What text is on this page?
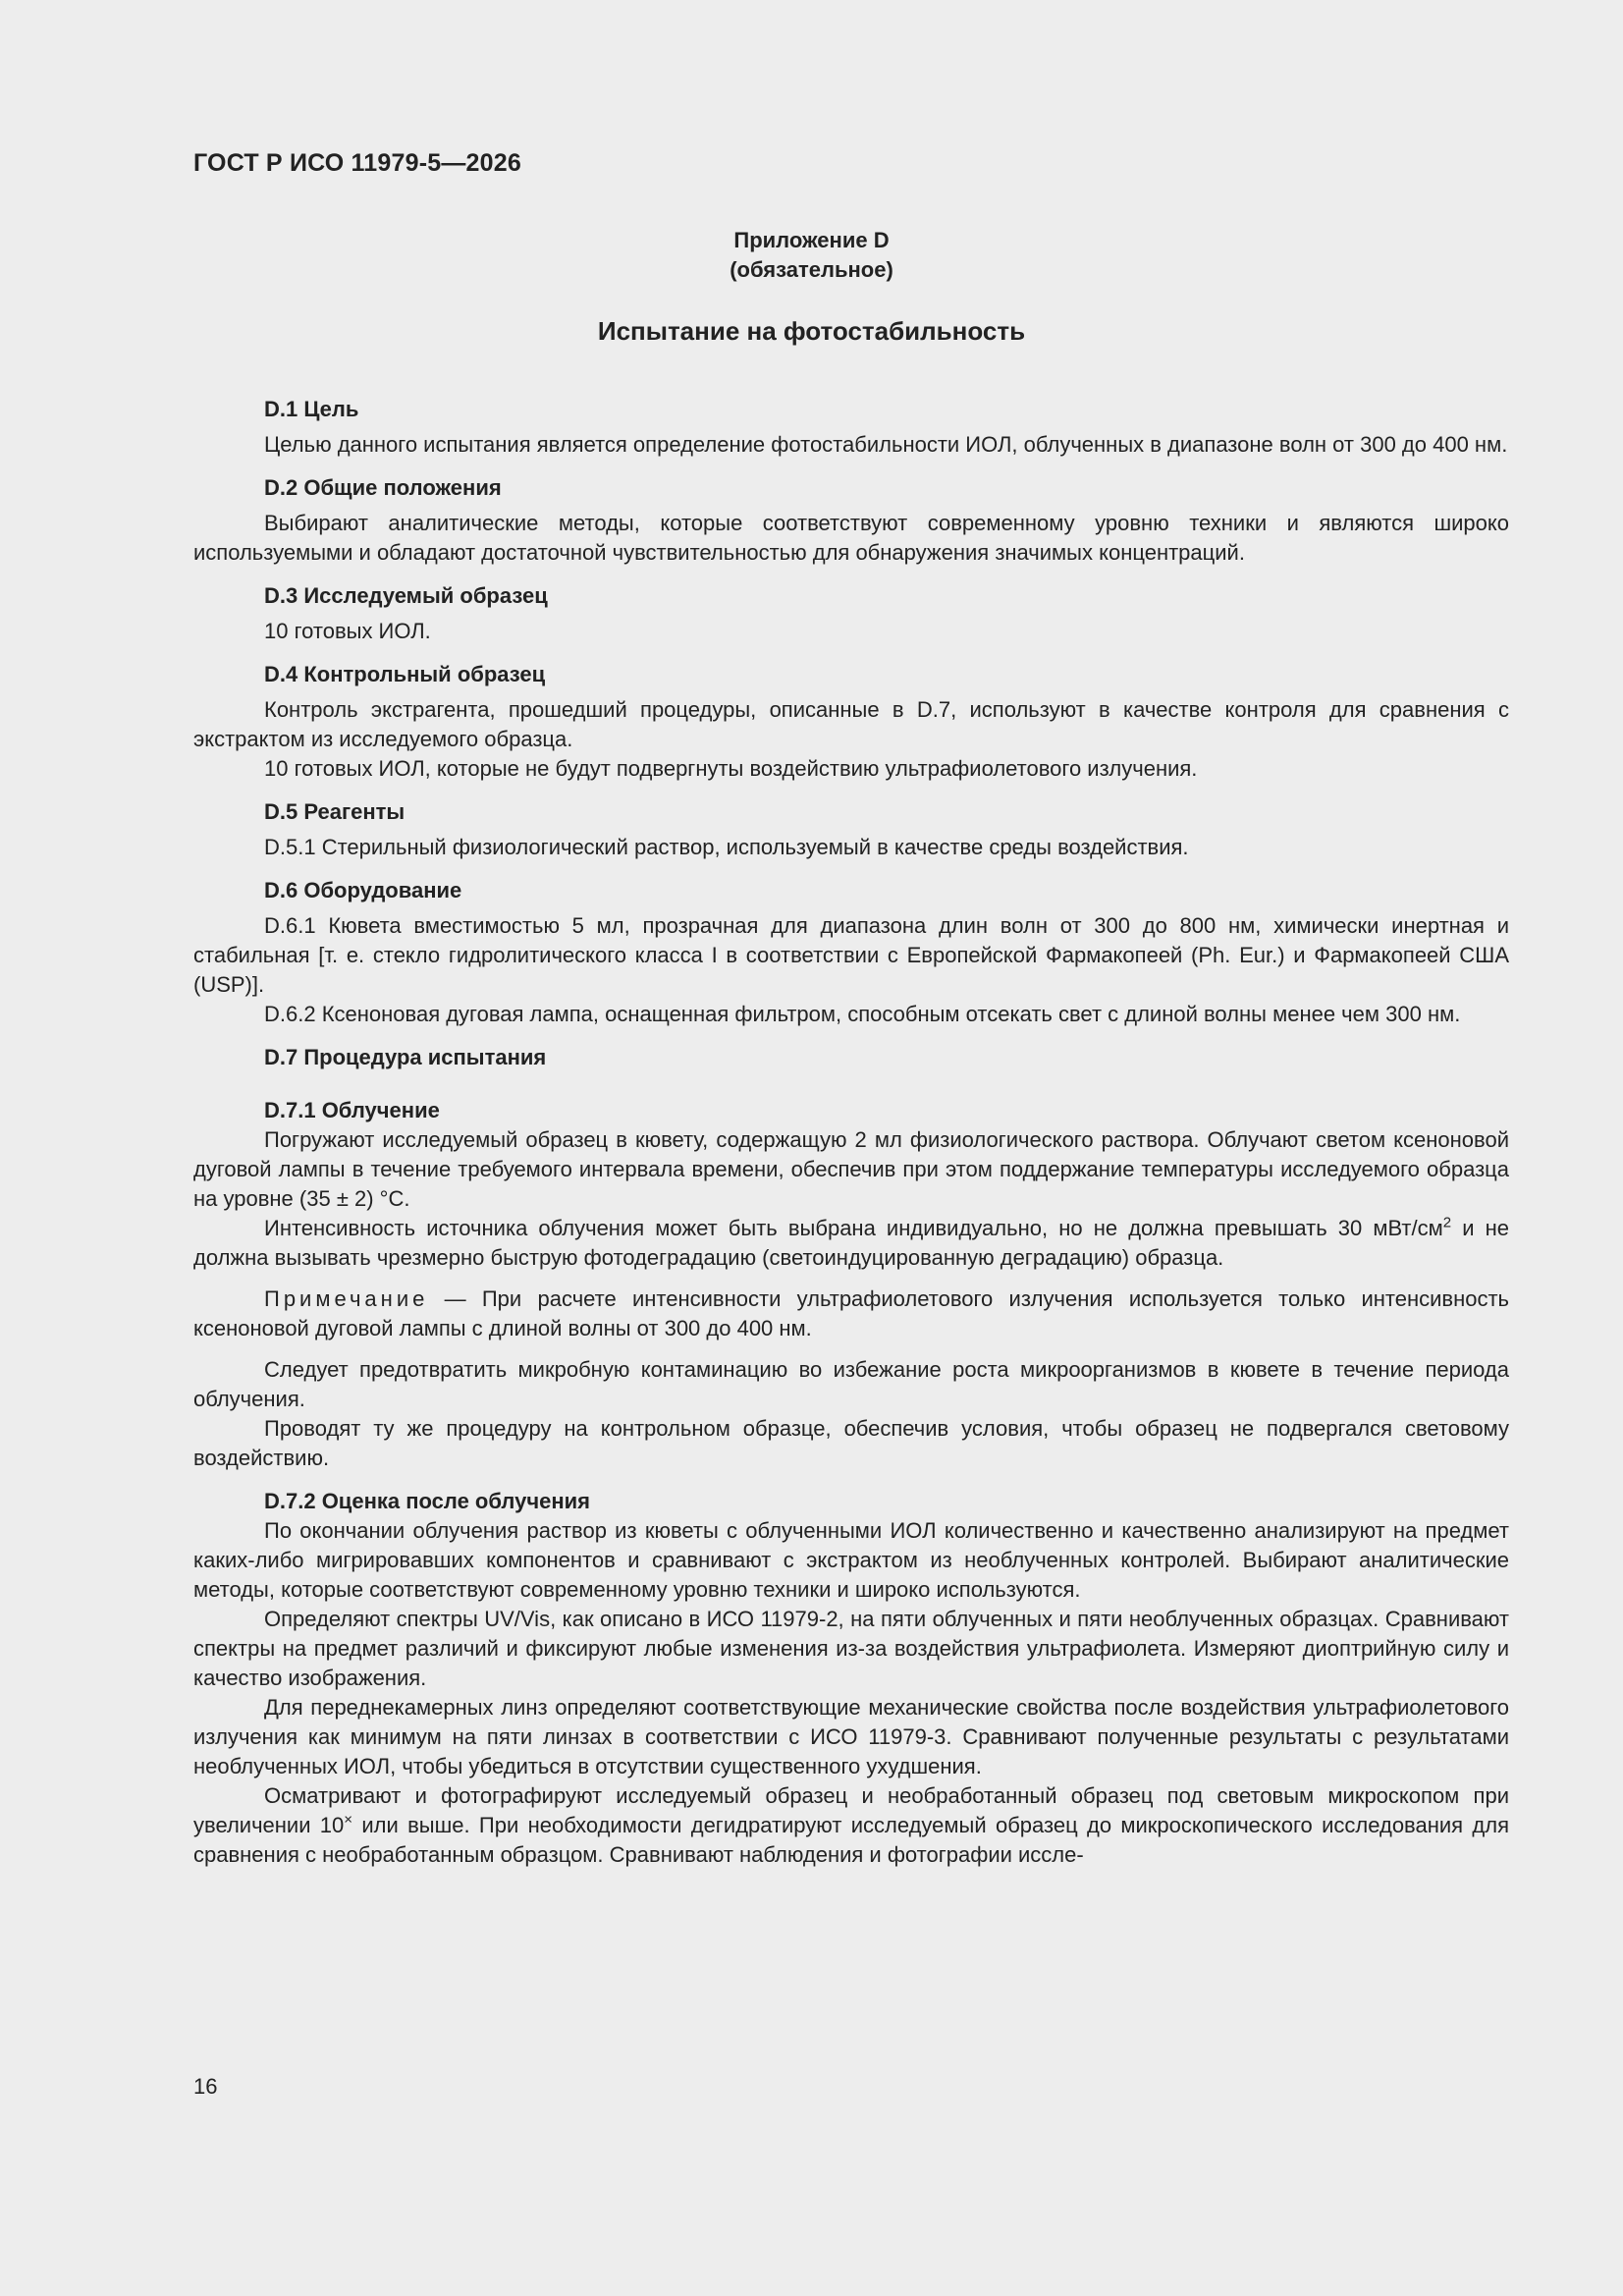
ГОСТ Р ИСО 11979-5—2026
Приложение D
(обязательное)
Испытание на фотостабильность
D.1 Цель

Целью данного испытания является определение фотостабильности ИОЛ, облученных в диапазоне волн от 300 до 400 нм.

D.2 Общие положения

Выбирают аналитические методы, которые соответствуют современному уровню техники и являются широко используемыми и обладают достаточной чувствительностью для обнаружения значимых концентраций.

D.3 Исследуемый образец

10 готовых ИОЛ.

D.4 Контрольный образец

Контроль экстрагента, прошедший процедуры, описанные в D.7, используют в качестве контроля для сравнения с экстрактом из исследуемого образца.

10 готовых ИОЛ, которые не будут подвергнуты воздействию ультрафиолетового излучения.

D.5 Реагенты

D.5.1 Стерильный физиологический раствор, используемый в качестве среды воздействия.

D.6 Оборудование

D.6.1 Кювета вместимостью 5 мл, прозрачная для диапазона длин волн от 300 до 800 нм, химически инертная и стабильная [т. е. стекло гидролитического класса I в соответствии с Европейской Фармакопеей (Ph. Eur.) и Фармакопеей США (USP)].

D.6.2 Ксеноновая дуговая лампа, оснащенная фильтром, способным отсекать свет с длиной волны менее чем 300 нм.

D.7 Процедура испытания
D.7.1 Облучение

Погружают исследуемый образец в кювету, содержащую 2 мл физиологического раствора. Облучают светом ксеноновой дуговой лампы в течение требуемого интервала времени, обеспечив при этом поддержание температуры исследуемого образца на уровне (35 ± 2) °С.

Интенсивность источника облучения может быть выбрана индивидуально, но не должна превышать 30 мВт/$см^2$ и не должна вызывать чрезмерно быструю фотодеградацию (светоиндуцированную деградацию) образца.

Примечание — При расчете интенсивности ультрафиолетового излучения используется только интенсивность ксеноновой дуговой лампы с длиной волны от 300 до 400 нм.

Следует предотвратить микробную контаминацию во избежание роста микроорганизмов в кювете в течение периода облучения.

Проводят ту же процедуру на контрольном образце, обеспечив условия, чтобы образец не подвергался световому воздействию.

D.7.2 Оценка после облучения

По окончании облучения раствор из кюветы с облученными ИОЛ количественно и качественно анализируют на предмет каких-либо мигрировавших компонентов и сравнивают с экстрактом из необлученных контролей. Выбирают аналитические методы, которые соответствуют современному уровню техники и широко используются.

Определяют спектры UV/Vis, как описано в ИСО 11979-2, на пяти облученных и пяти необлученных образцах. Сравнивают спектры на предмет различий и фиксируют любые изменения из-за воздействия ультрафиолета. Измеряют диоптрийную силу и качество изображения.

Для переднекамерных линз определяют соответствующие механические свойства после воздействия ультрафиолетового излучения как минимум на пяти линзах в соответствии с ИСО 11979-3. Сравнивают полученные результаты с результатами необлученных ИОЛ, чтобы убедиться в отсутствии существенного ухудшения.

Осматривают и фотографируют исследуемый образец и необработанный образец под световым микроскопом при увеличении 10× или выше. При необходимости дегидратируют исследуемый образец до микроскопического исследования для сравнения с необработанным образцом. Сравнивают наблюдения и фотографии иссле-

16
